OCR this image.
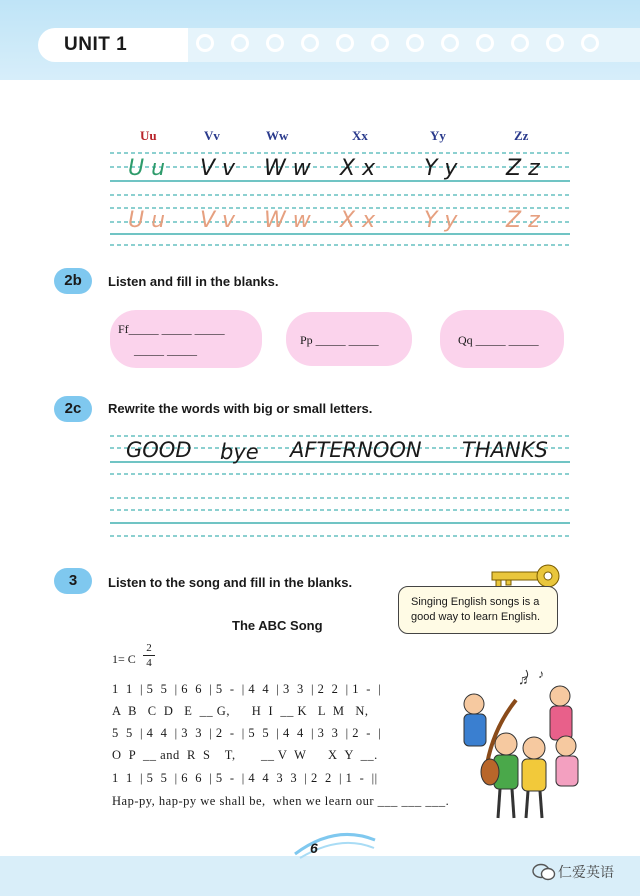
UNIT 1
Uu	Vv	Ww	Xx	Yy	Zz
U u V v W w X x Y y Z z
U u V v W w X x Y y Z z
2b	Listen and fill in the blanks.
Ff_____ _____ _____
_____ _____
Pp _____ _____	Qq _____ _____
2c	Rewrite the words with big or small letters.
GOOD bye AFTERNOON THANKS
3	Listen to the song and fill in the blanks.
Singing English songs is a good way to learn English.
The ABC Song
1= C
2
4
1  1  | 5  5  | 6  6  | 5  -  | 4  4  | 3  3  | 2  2  | 1  -  |
A  B   C  D   E  __ G,      H  I  __ K   L  M   N,
5  5  | 4  4  | 3  3  | 2  -  | 5  5  | 4  4  | 3  3  | 2  -  |
O  P  __ and  R  S    T,       __ V  W      X  Y  __.
1  1  | 5  5  | 6  6  | 5  -  | 4  4  3  3  | 2  2  | 1  -  ||
Hap-py, hap-py we shall be,  when we learn our ___ ___ ___.
♫ ♪
6
仁爱英语
